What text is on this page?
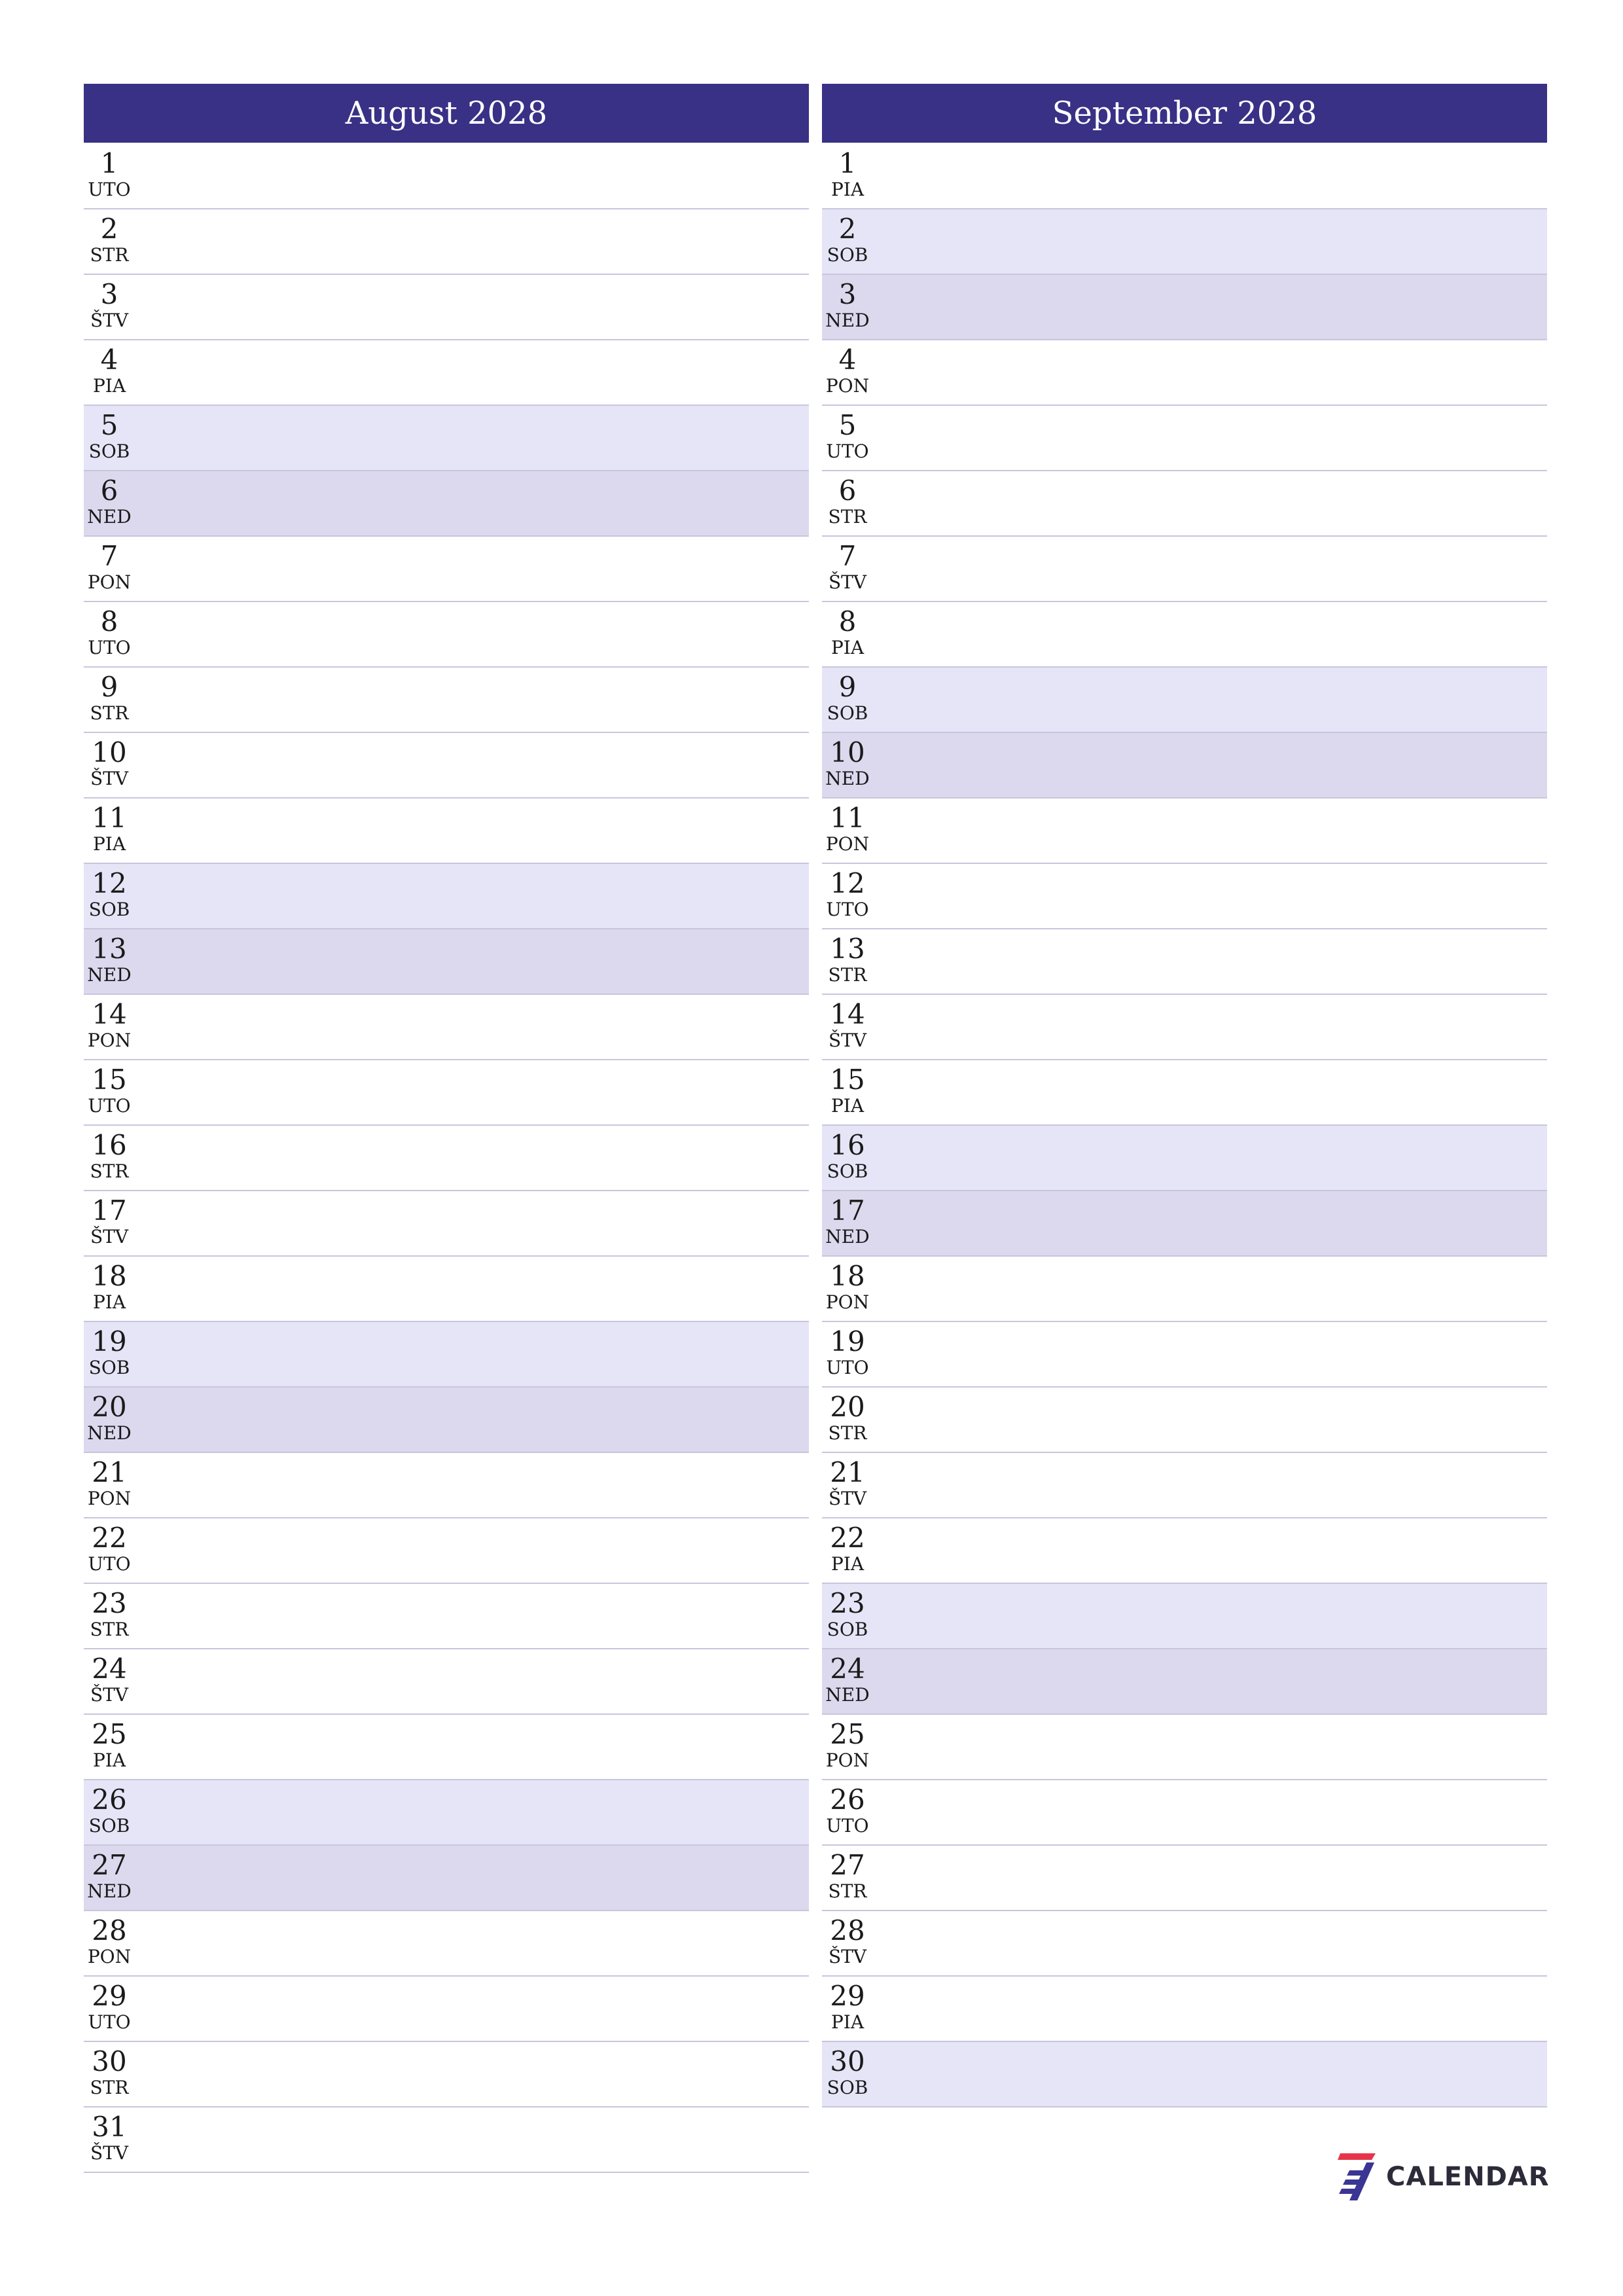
August 2028
1
UTO
2
STR
3
ŠTV
4
PIA
5
SOB
6
NED
7
PON
8
UTO
9
STR
10
ŠTV
11
PIA
12
SOB
13
NED
14
PON
15
UTO
16
STR
17
ŠTV
18
PIA
19
SOB
20
NED
21
PON
22
UTO
23
STR
24
ŠTV
25
PIA
26
SOB
27
NED
28
PON
29
UTO
30
STR
31
ŠTV
September 2028
1
PIA
2
SOB
3
NED
4
PON
5
UTO
6
STR
7
ŠTV
8
PIA
9
SOB
10
NED
11
PON
12
UTO
13
STR
14
ŠTV
15
PIA
16
SOB
17
NED
18
PON
19
UTO
20
STR
21
ŠTV
22
PIA
23
SOB
24
NED
25
PON
26
UTO
27
STR
28
ŠTV
29
PIA
30
SOB
CALENDAR
